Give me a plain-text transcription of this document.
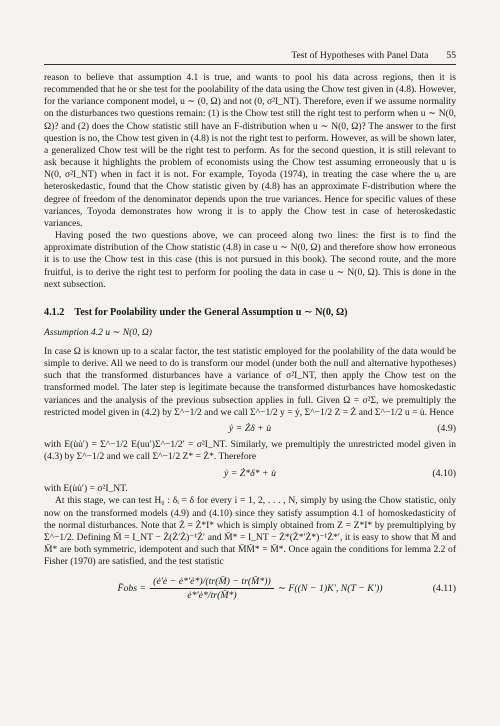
Test of Hypotheses with Panel Data 55

reason to believe that assumption 4.1 is true, and wants to pool his data across regions, then it is recommended that he or she test for the poolability of the data using the Chow test given in (4.8). However, for the variance component model, u ∼ (0, Ω) and not (0, σ²I_NT). Therefore, even if we assume normality on the disturbances two questions remain: (1) is the Chow test still the right test to perform when u ∼ N(0, Ω)? and (2) does the Chow statistic still have an F-distribution when u ∼ N(0, Ω)? The answer to the first question is no, the Chow test given in (4.8) is not the right test to perform. However, as will be shown later, a generalized Chow test will be the right test to perform. As for the second question, it is still relevant to ask because it highlights the problem of economists using the Chow test assuming erroneously that u is N(0, σ²I_NT) when in fact it is not. For example, Toyoda (1974), in treating the case where the uᵢ are heteroskedastic, found that the Chow statistic given by (4.8) has an approximate F-distribution where the degree of freedom of the denominator depends upon the true variances. Hence for specific values of these variances, Toyoda demonstrates how wrong it is to apply the Chow test in case of heteroskedastic variances.

Having posed the two questions above, we can proceed along two lines: the first is to find the approximate distribution of the Chow statistic (4.8) in case u ∼ N(0, Ω) and therefore show how erroneous it is to use the Chow test in this case (this is not pursued in this book). The second route, and the more fruitful, is to derive the right test to perform for pooling the data in case u ∼ N(0, Ω). This is done in the next subsection.

4.1.2 Test for Poolability under the General Assumption u ∼ N(0, Ω)

Assumption 4.2 u ∼ N(0, Ω)

In case Ω is known up to a scalar factor, the test statistic employed for the poolability of the data would be simple to derive. All we need to do is transform our model (under both the null and alternative hypotheses) such that the transformed disturbances have a variance of σ²I_NT, then apply the Chow test on the transformed model. The later step is legitimate because the transformed disturbances have homoskedastic variances and the analysis of the previous subsection applies in full. Given Ω = σ²Σ, we premultiply the restricted model given in (4.2) by Σ^−1/2 and we call Σ^−1/2 y = ẏ, Σ^−1/2 Z = Ż and Σ^−1/2 u = u̇. Hence

ẏ = Żδ + u̇	(4.9)

with E(u̇u̇′) = Σ^−1/2 E(uu′)Σ^−1/2′ = σ²I_NT. Similarly, we premultiply the unrestricted model given in (4.3) by Σ^−1/2 and we call Σ^−1/2 Z* = Ż*. Therefore

ẏ = Ż*δ* + u̇	(4.10)

with E(u̇u̇′) = σ²I_NT.

At this stage, we can test H₀ : δᵢ = δ for every i = 1, 2, . . . , N, simply by using the Chow statistic, only now on the transformed models (4.9) and (4.10) since they satisfy assumption 4.1 of homoskedasticity of the normal disturbances. Note that Ż = Ż*I* which is simply obtained from Z = Z*I* by premultiplying by Σ^−1/2. Defining M̄ = I_NT − Ż(Ż′Ż)⁻¹Ż′ and M̄* = I_NT − Ż*(Ż*′Ż*)⁻¹Ż*′, it is easy to show that M̄ and M̄* are both symmetric, idempotent and such that M̄M̄* = M̄*. Once again the conditions for lemma 2.2 of Fisher (1970) are satisfied, and the test statistic

F̈obs = $\frac{(ė'ė - ė*'ė*)/(tr(M̄) - tr(M̄*))}{ė*'ė*/tr(M̄*)}$ ∼ F((N − 1)K′, N(T − K′))	(4.11)
